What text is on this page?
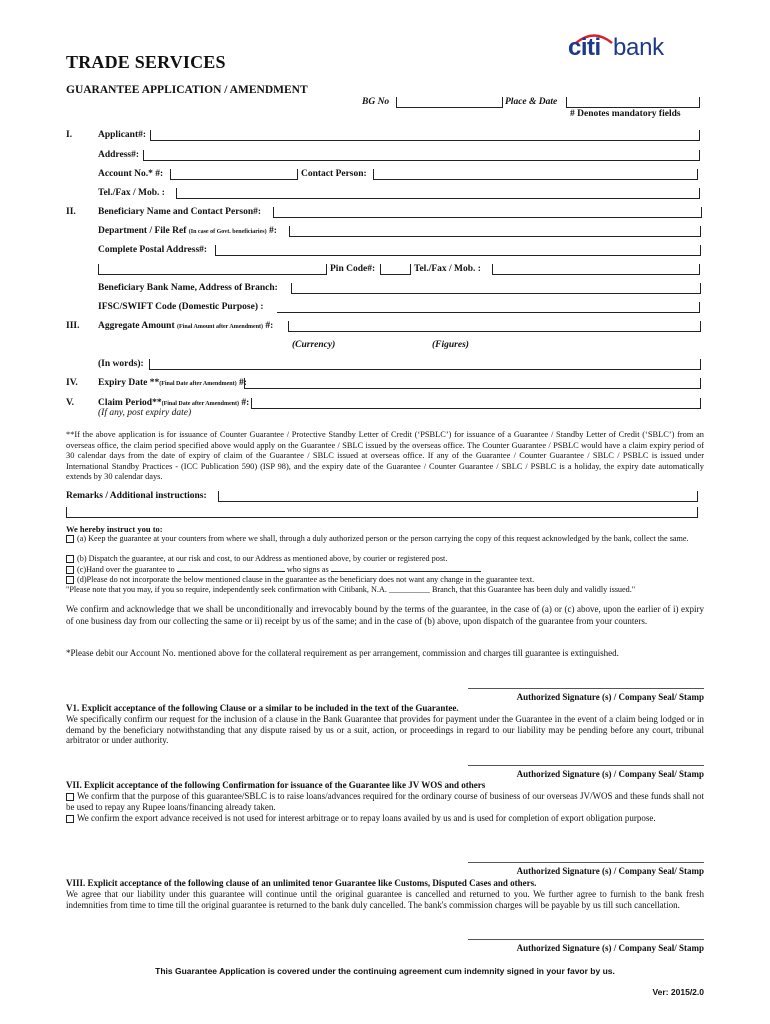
TRADE SERVICES
citi bank
GUARANTEE APPLICATION / AMENDMENT
BG No	Place & Date
# Denotes mandatory fields
I.	Applicant#:
Address#:
Account No.* #:	Contact Person:
Tel./Fax / Mob. :
II. Beneficiary Name and Contact Person#:
Department / File Ref (In case of Govt. beneficiaries) #:
Complete Postal Address#:
Pin Code#:	Tel./Fax / Mob. :
Beneficiary Bank Name, Address of Branch:
IFSC/SWIFT Code (Domestic Purpose) :
III. Aggregate Amount (Final Amount after Amendment) #:
(Currency)	(Figures)
(In words):
IV. Expiry Date **(Final Date after Amendment) #:
V.	Claim Period**(Final Date after Amendment) #:
(If any, post expiry date)
**If the above application is for issuance of Counter Guarantee / Protective Standby Letter of Credit (‘PSBLC’) for issuance of a Guarantee / Standby Letter of Credit (‘SBLC’) from an overseas office, the claim period specified above would apply on the Guarantee / SBLC issued by the overseas office. The Counter Guarantee / PSBLC would have a claim expiry period of 30 calendar days from the date of expiry of claim of the Guarantee / SBLC issued at overseas office. If any of the Guarantee / Counter Guarantee / SBLC / PSBLC is issued under International Standby Practices - (ICC Publication 590) (ISP 98), and the expiry date of the Guarantee / Counter Guarantee / SBLC / PSBLC is a holiday, the expiry date automatically extends by 30 calendar days.
Remarks / Additional instructions:
We hereby instruct you to:
(a) Keep the guarantee at your counters from where we shall, through a duly authorized person or the person carrying the copy of this request acknowledged by the bank, collect the same.
(b) Dispatch the guarantee, at our risk and cost, to our Address as mentioned above, by courier or registered post.
(c)Hand over the guarantee to	who signs as
(d)Please do not incorporate the below mentioned clause in the guarantee as the beneficiary does not want any change in the guarantee text.
"Please note that you may, if you so require, independently seek confirmation with Citibank, N.A. __________ Branch, that this Guarantee has been duly and validly issued."
We confirm and acknowledge that we shall be unconditionally and irrevocably bound by the terms of the guarantee, in the case of (a) or (c) above, upon the earlier of i) expiry of one business day from our collecting the same or ii) receipt by us of the same; and in the case of (b) above, upon dispatch of the guarantee from your counters.
*Please debit our Account No. mentioned above for the collateral requirement as per arrangement, commission and charges till guarantee is extinguished.
Authorized Signature (s) / Company Seal/ Stamp
V1. Explicit acceptance of the following Clause or a similar to be included in the text of the Guarantee.
We specifically confirm our request for the inclusion of a clause in the Bank Guarantee that provides for payment under the Guarantee in the event of a claim being lodged or in demand by the beneficiary notwithstanding that any dispute raised by us or a suit, action, or proceedings in regard to our liability may be pending before any court, tribunal arbitrator or under authority.
Authorized Signature (s) / Company Seal/ Stamp
VII. Explicit acceptance of the following Confirmation for issuance of the Guarantee like JV WOS and others
We confirm that the purpose of this guarantee/SBLC is to raise loans/advances required for the ordinary course of business of our overseas JV/WOS and these funds shall not be used to repay any Rupee loans/financing already taken.
We confirm the export advance received is not used for interest arbitrage or to repay loans availed by us and is used for completion of export obligation purpose.
Authorized Signature (s) / Company Seal/ Stamp
VIII. Explicit acceptance of the following clause of an unlimited tenor Guarantee like Customs, Disputed Cases and others.
We agree that our liability under this guarantee will continue until the original guarantee is cancelled and returned to you. We further agree to furnish to the bank fresh indemnities from time to time till the original guarantee is returned to the bank duly cancelled. The bank's commission charges will be payable by us till such cancellation.
Authorized Signature (s) / Company Seal/ Stamp
This Guarantee Application is covered under the continuing agreement cum indemnity signed in your favor by us.
Ver: 2015/2.0
